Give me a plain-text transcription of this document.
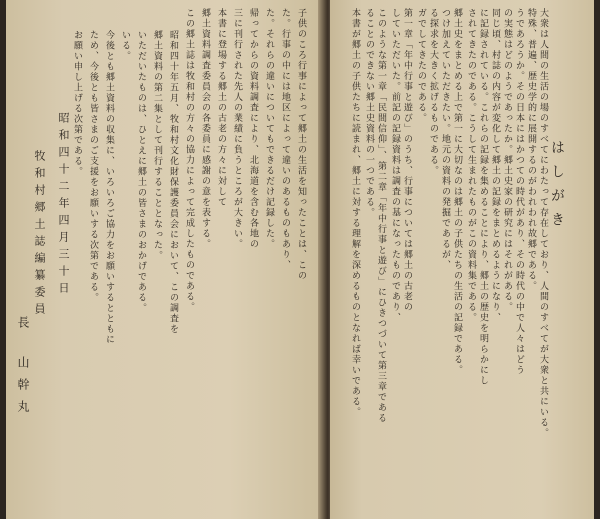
子供のころ行事によって郷土の生活を知ったことは、この
た。行事の中には地区によって違いのあるものもあり、
た。それらの違いについてもできるだけ記録した。
帰ってからの資料調査により、北海道を含む各地の
三に刊行された先人の業績に負うところが大きい。
本書に登場する郷土の古老の方々に対して
郷土資料調査委員会の各委員に感謝の意を表する。
この郷土誌は牧和村の方々の協力によって完成したものである。
昭和四十年五月、牧和村文化財保護委員会において、この調査を
郷土資料の第二集として刊行することとなった。
いただいたものは、ひとえに郷土の皆さまのおかげである。
いる。
今後とも郷土資料の収集に、いろいろご協力をお願いするとともに
ため、今後とも皆さまのご支援をお願いする次第である。
お願い申し上げる次第である。
昭和四十二年四月三十日
牧和村郷土誌編纂委員
長
山幹丸
はしがき
大衆は人間の生活の場のすべてにわたって存在しており、人間のすべてが大衆と共にいる。
特殊、普遍、歴史学的に展開するのがわれわれ故郷である。
うであろうか。その日本にはかつての時代があり、その時代の中で人々はどう
の実態はどのようであったか。郷土史家の研究にはそれがある。
同じ頃、村誌の内容が変化して郷土の記録をまとめるようになり、
に記録されている。これらの記録を集めることにより、郷土の歴史を明らかにし
されてきたのである。こうして生まれたものがこの資料集である。
郷土史をまとめる上で第一に大切なのは郷土の子供たちの生活の記録である。
つけ加えていただきたい。地元の資料の発掘であるが、
る探求を大きく拡げるものである。
ガでしてきたのである。
第一章「年中行事と遊び」のうち、行事については郷土の古老の
していただいた。前記の記録資料は調査の基になったものであり、
このような第一章「民間信仰」、第二章「年中行事と遊び」にひきつづいて第三章である
ることのできない郷土史資料の一つである。
本書が郷土の子供たちに読まれ、郷土に対する理解を深めるものとなれば幸いである。
